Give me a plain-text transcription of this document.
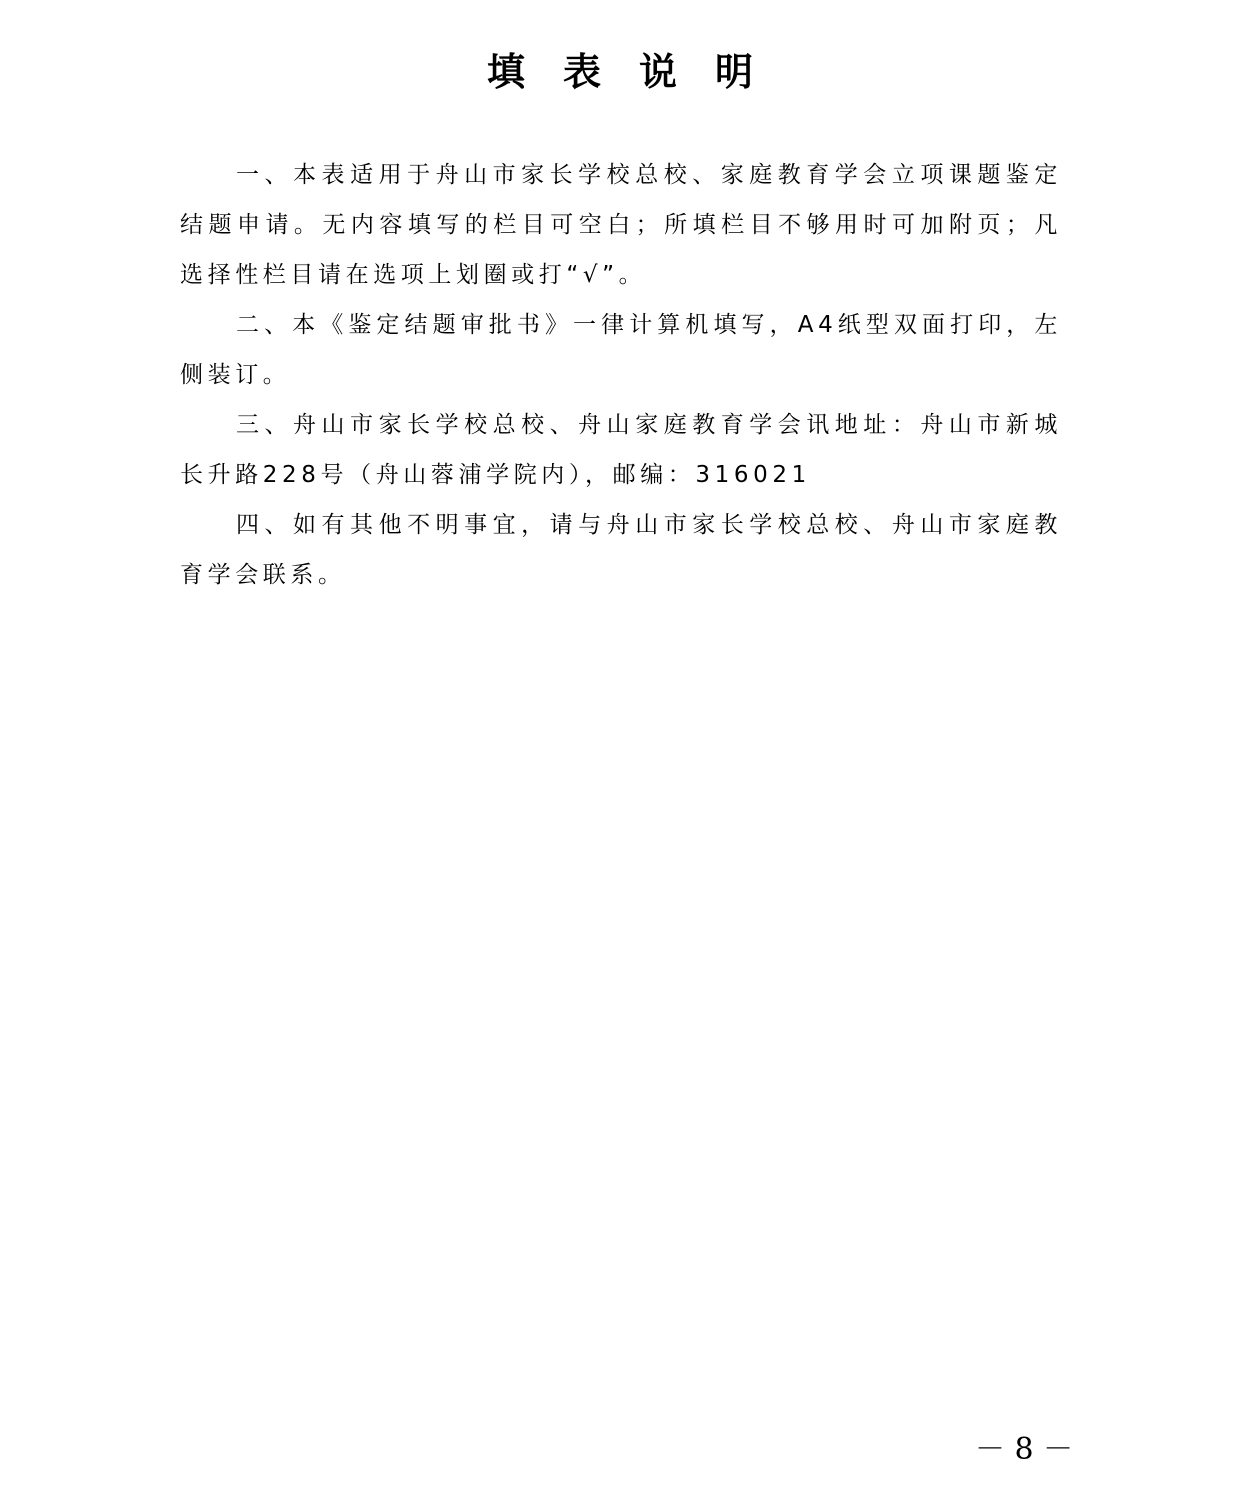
填表说明

一、本表适用于舟山市家长学校总校、家庭教育学会立项课题鉴定结题申请。无内容填写的栏目可空白；所填栏目不够用时可加附页；凡选择性栏目请在选项上划圈或打“√”。

二、本《鉴定结题审批书》一律计算机填写，A4纸型双面打印，左侧装订。

三、舟山市家长学校总校、舟山家庭教育学会讯地址：舟山市新城长升路228号（舟山蓉浦学院内），邮编：316021

四、如有其他不明事宜，请与舟山市家长学校总校、舟山市家庭教育学会联系。

－ 8 －
